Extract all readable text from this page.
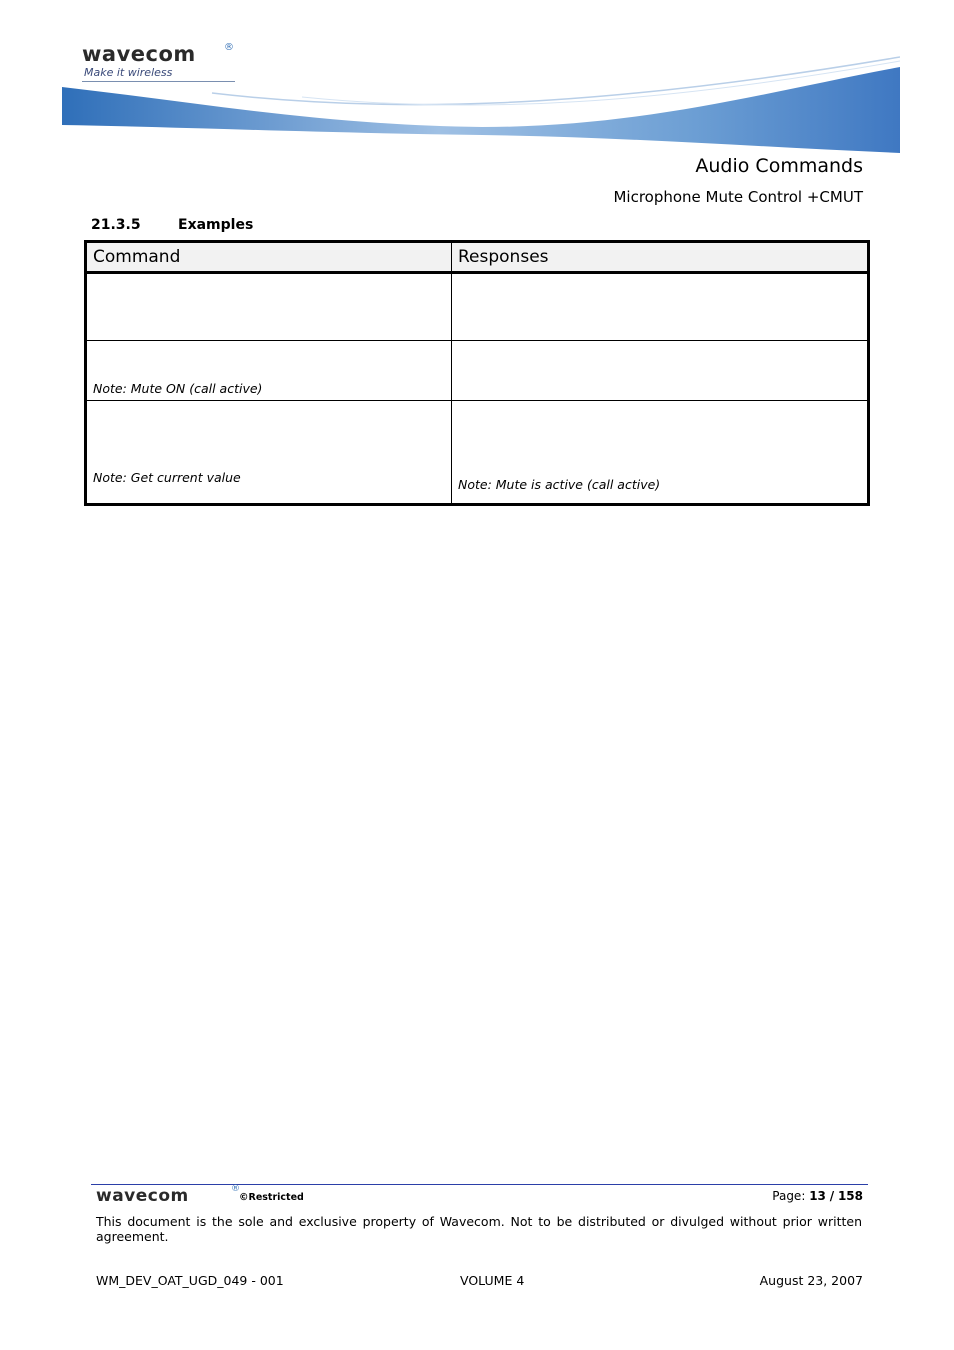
wavecom	®
Make it wireless
Audio Commands
Microphone Mute Control +CMUT
21.3.5	Examples
Command	Responses

Note: Mute ON (call active)	
Note: Get current value	Note: Mute is active (call active)
wavecom	®
©Restricted	Page: 13 / 158
This document is the sole and exclusive property of Wavecom. Not to be distributed or divulged without prior written agreement.
WM_DEV_OAT_UGD_049 - 001	VOLUME 4	August 23, 2007
